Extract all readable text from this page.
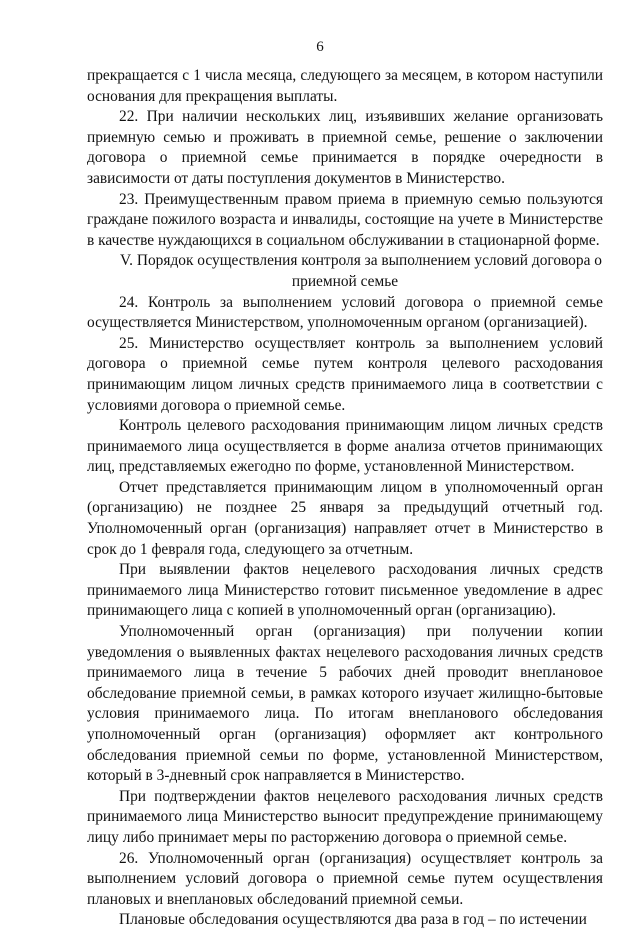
6

прекращается с 1 числа месяца, следующего за месяцем, в котором наступили основания для прекращения выплаты.

22. При наличии нескольких лиц, изъявивших желание организовать приемную семью и проживать в приемной семье, решение о заключении договора о приемной семье принимается в порядке очередности в зависимости от даты поступления документов в Министерство.

23. Преимущественным правом приема в приемную семью пользуются граждане пожилого возраста и инвалиды, состоящие на учете в Министерстве в качестве нуждающихся в социальном обслуживании в стационарной форме.

V. Порядок осуществления контроля за выполнением условий договора о приемной семье

24. Контроль за выполнением условий договора о приемной семье осуществляется Министерством, уполномоченным органом (организацией).

25. Министерство осуществляет контроль за выполнением условий договора о приемной семье путем контроля целевого расходования принимающим лицом личных средств принимаемого лица в соответствии с условиями договора о приемной семье.

Контроль целевого расходования принимающим лицом личных средств принимаемого лица осуществляется в форме анализа отчетов принимающих лиц, представляемых ежегодно по форме, установленной Министерством.

Отчет представляется принимающим лицом в уполномоченный орган (организацию) не позднее 25 января за предыдущий отчетный год. Уполномоченный орган (организация) направляет отчет в Министерство в срок до 1 февраля года, следующего за отчетным.

При выявлении фактов нецелевого расходования личных средств принимаемого лица Министерство готовит письменное уведомление в адрес принимающего лица с копией в уполномоченный орган (организацию).

Уполномоченный орган (организация) при получении копии уведомления о выявленных фактах нецелевого расходования личных средств принимаемого лица в течение 5 рабочих дней проводит внеплановое обследование приемной семьи, в рамках которого изучает жилищно-бытовые условия принимаемого лица. По итогам внепланового обследования уполномоченный орган (организация) оформляет акт контрольного обследования приемной семьи по форме, установленной Министерством, который в 3-дневный срок направляется в Министерство.

При подтверждении фактов нецелевого расходования личных средств принимаемого лица Министерство выносит предупреждение принимающему лицу либо принимает меры по расторжению договора о приемной семье.

26. Уполномоченный орган (организация) осуществляет контроль за выполнением условий договора о приемной семье путем осуществления плановых и внеплановых обследований приемной семьи.

Плановые обследования осуществляются два раза в год – по истечении
